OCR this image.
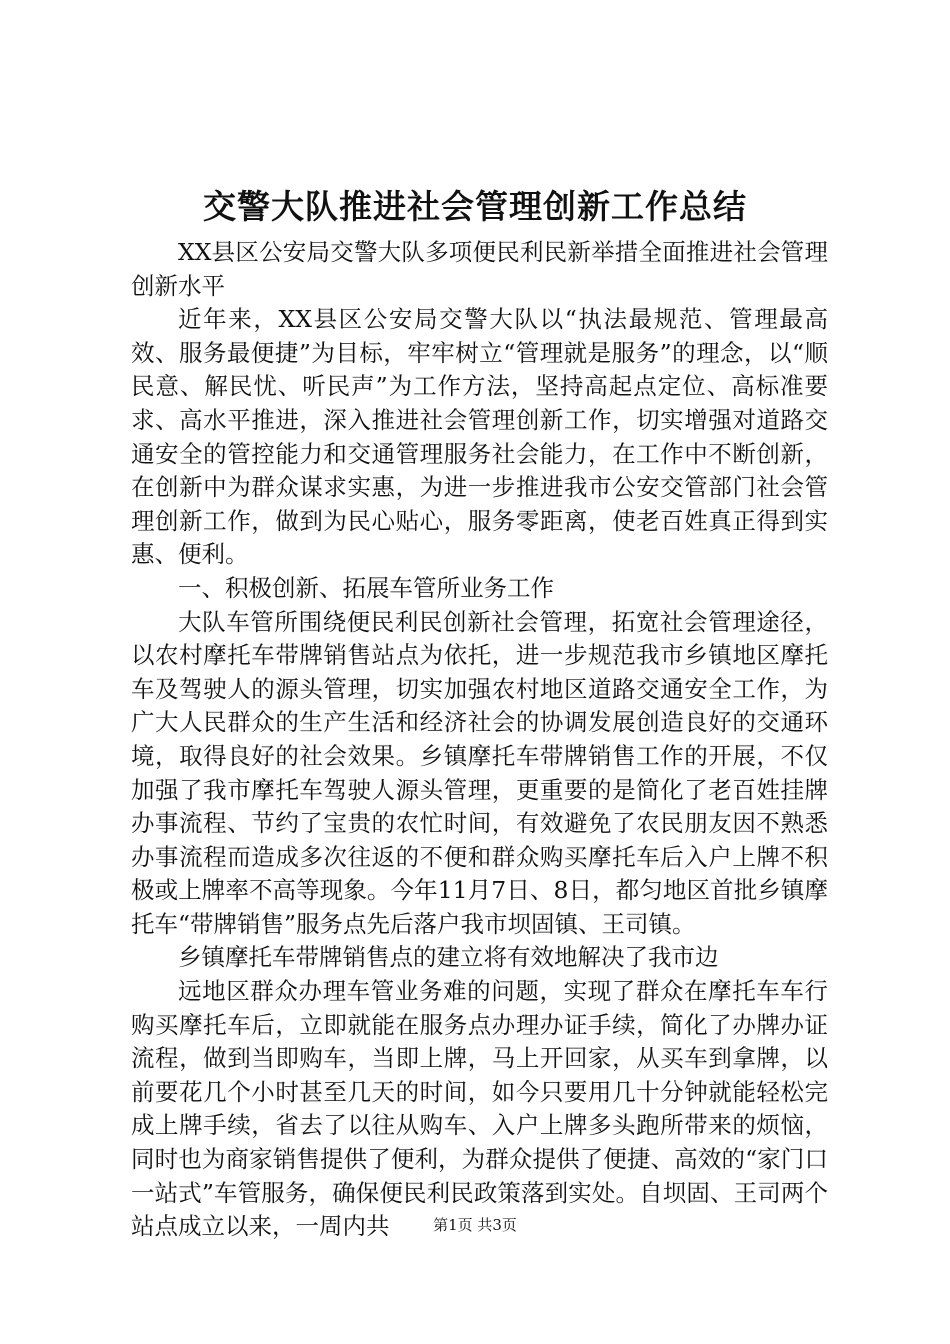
交警大队推进社会管理创新工作总结

XX县区公安局交警大队多项便民利民新举措全面推进社会管理创新水平

近年来，XX县区公安局交警大队以“执法最规范、管理最高效、服务最便捷”为目标，牢牢树立“管理就是服务”的理念，以“顺民意、解民忧、听民声”为工作方法，坚持高起点定位、高标准要求、高水平推进，深入推进社会管理创新工作，切实增强对道路交通安全的管控能力和交通管理服务社会能力，在工作中不断创新，在创新中为群众谋求实惠，为进一步推进我市公安交管部门社会管理创新工作，做到为民心贴心，服务零距离，使老百姓真正得到实惠、便利。

一、积极创新、拓展车管所业务工作

大队车管所围绕便民利民创新社会管理，拓宽社会管理途径，以农村摩托车带牌销售站点为依托，进一步规范我市乡镇地区摩托车及驾驶人的源头管理，切实加强农村地区道路交通安全工作，为广大人民群众的生产生活和经济社会的协调发展创造良好的交通环境，取得良好的社会效果。乡镇摩托车带牌销售工作的开展，不仅加强了我市摩托车驾驶人源头管理，更重要的是简化了老百姓挂牌办事流程、节约了宝贵的农忙时间，有效避免了农民朋友因不熟悉办事流程而造成多次往返的不便和群众购买摩托车后入户上牌不积极或上牌率不高等现象。今年11月7日、8日，都匀地区首批乡镇摩托车“带牌销售”服务点先后落户我市坝固镇、王司镇。

乡镇摩托车带牌销售点的建立将有效地解决了我市边

远地区群众办理车管业务难的问题，实现了群众在摩托车车行购买摩托车后，立即就能在服务点办理办证手续，简化了办牌办证流程，做到当即购车，当即上牌，马上开回家，从买车到拿牌，以前要花几个小时甚至几天的时间，如今只要用几十分钟就能轻松完成上牌手续，省去了以往从购车、入户上牌多头跑所带来的烦恼，同时也为商家销售提供了便利，为群众提供了便捷、高效的“家门口一站式”车管服务，确保便民利民政策落到实处。自坝固、王司两个站点成立以来，一周内共	第1页 共3页
